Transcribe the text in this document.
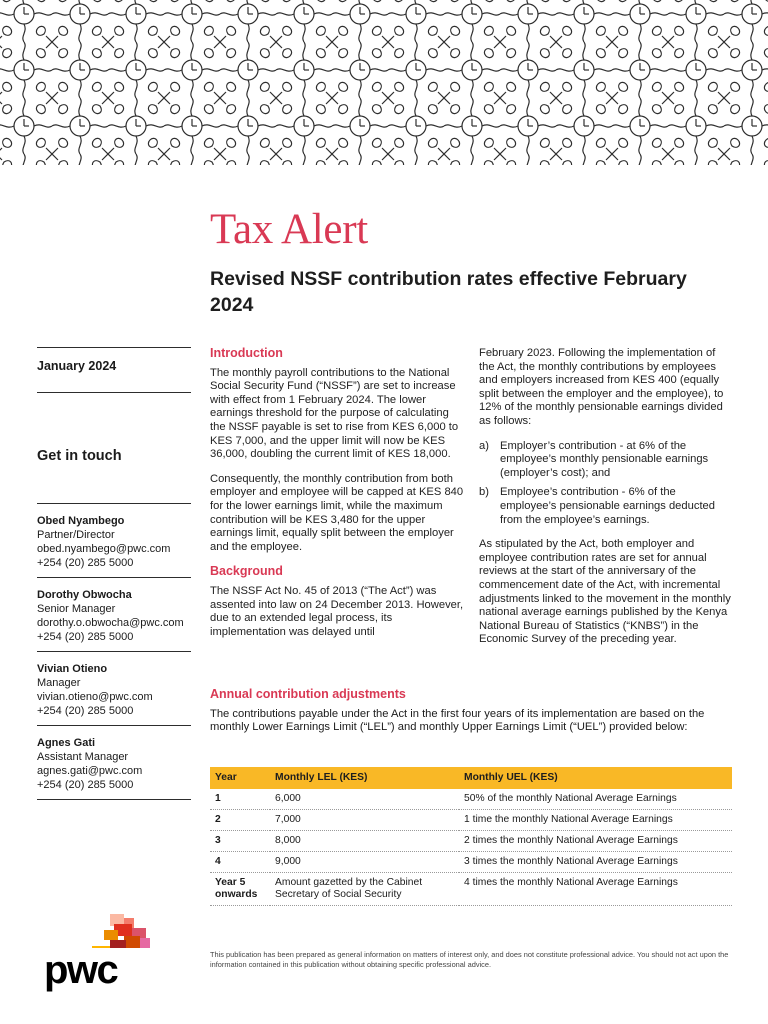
Tax Alert
Revised NSSF contribution rates effective February 2024
January 2024
Get in touch
Obed Nyambego
Partner/Director
obed.nyambego@pwc.com
+254 (20) 285 5000
Dorothy Obwocha
Senior Manager
dorothy.o.obwocha@pwc.com
+254 (20) 285 5000
Vivian Otieno
Manager
vivian.otieno@pwc.com
+254 (20) 285 5000
Agnes Gati
Assistant Manager
agnes.gati@pwc.com
+254 (20) 285 5000
Introduction

The monthly payroll contributions to the National Social Security Fund (“NSSF”) are set to increase with effect from 1 February 2024. The lower earnings threshold for the purpose of calculating the NSSF payable is set to rise from KES 6,000 to KES 7,000, and the upper limit will now be KES 36,000, doubling the current limit of KES 18,000.

Consequently, the monthly contribution from both employer and employee will be capped at KES 840 for the lower earnings limit, while the maximum contribution will be KES 3,480 for the upper earnings limit, equally split between the employer and the employee.

Background

The NSSF Act No. 45 of 2013 (“The Act”) was assented into law on 24 December 2013. However, due to an extended legal process, its implementation was delayed until

February 2023. Following the implementation of the Act, the monthly contributions by employees and employers increased from KES 400 (equally split between the employer and the employee), to 12% of the monthly pensionable earnings divided as follows:

a) Employer’s contribution - at 6% of the employee’s monthly pensionable earnings (employer’s cost); and
b) Employee’s contribution - 6% of the employee’s pensionable earnings deducted from the employee’s earnings.

As stipulated by the Act, both employer and employee contribution rates are set for annual reviews at the start of the anniversary of the commencement date of the Act, with incremental adjustments linked to the movement in the monthly national average earnings published by the Kenya National Bureau of Statistics (“KNBS”) in the Economic Survey of the preceding year.

Annual contribution adjustments

The contributions payable under the Act in the first four years of its implementation are based on the monthly Lower Earnings Limit (“LEL”) and monthly Upper Earnings Limit (“UEL”) provided below:

Year	Monthly LEL (KES)	Monthly UEL (KES)
1	6,000	50% of the monthly National Average Earnings
2	7,000	1 time the monthly National Average Earnings
3	8,000	2 times the monthly National Average Earnings
4	9,000	3 times the monthly National Average Earnings
Year 5 onwards	Amount gazetted by the Cabinet Secretary of Social Security	4 times the monthly National Average Earnings
This publication has been prepared as general information on matters of interest only, and does not constitute professional advice. You should not act upon the information contained in this publication without obtaining specific professional advice.
pwc
